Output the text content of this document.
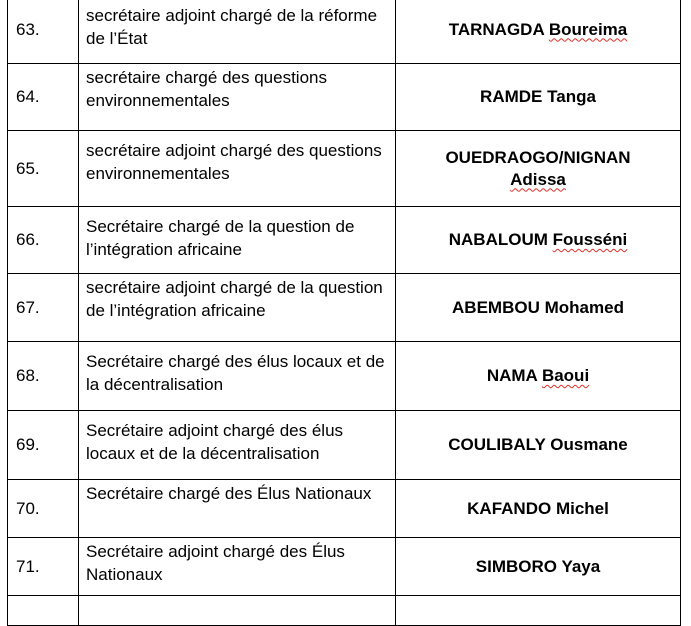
63.	secrétaire adjoint chargé de la réforme de l’État	TARNAGDA Boureima
64.	secrétaire chargé des questions environnementales	RAMDE Tanga
65.	secrétaire adjoint chargé des questions environnementales	OUEDRAOGO/NIGNAN
Adissa
66.	Secrétaire chargé de la question de l’intégration africaine	NABALOUM Fousséni
67.	secrétaire adjoint chargé de la question de l’intégration africaine	ABEMBOU Mohamed
68.	Secrétaire chargé des élus locaux et de la décentralisation	NAMA Baoui
69.	Secrétaire adjoint chargé des élus locaux et de la décentralisation	COULIBALY Ousmane
70.	Secrétaire chargé des Élus Nationaux	KAFANDO Michel
71.	Secrétaire adjoint chargé des Élus Nationaux	SIMBORO Yaya
